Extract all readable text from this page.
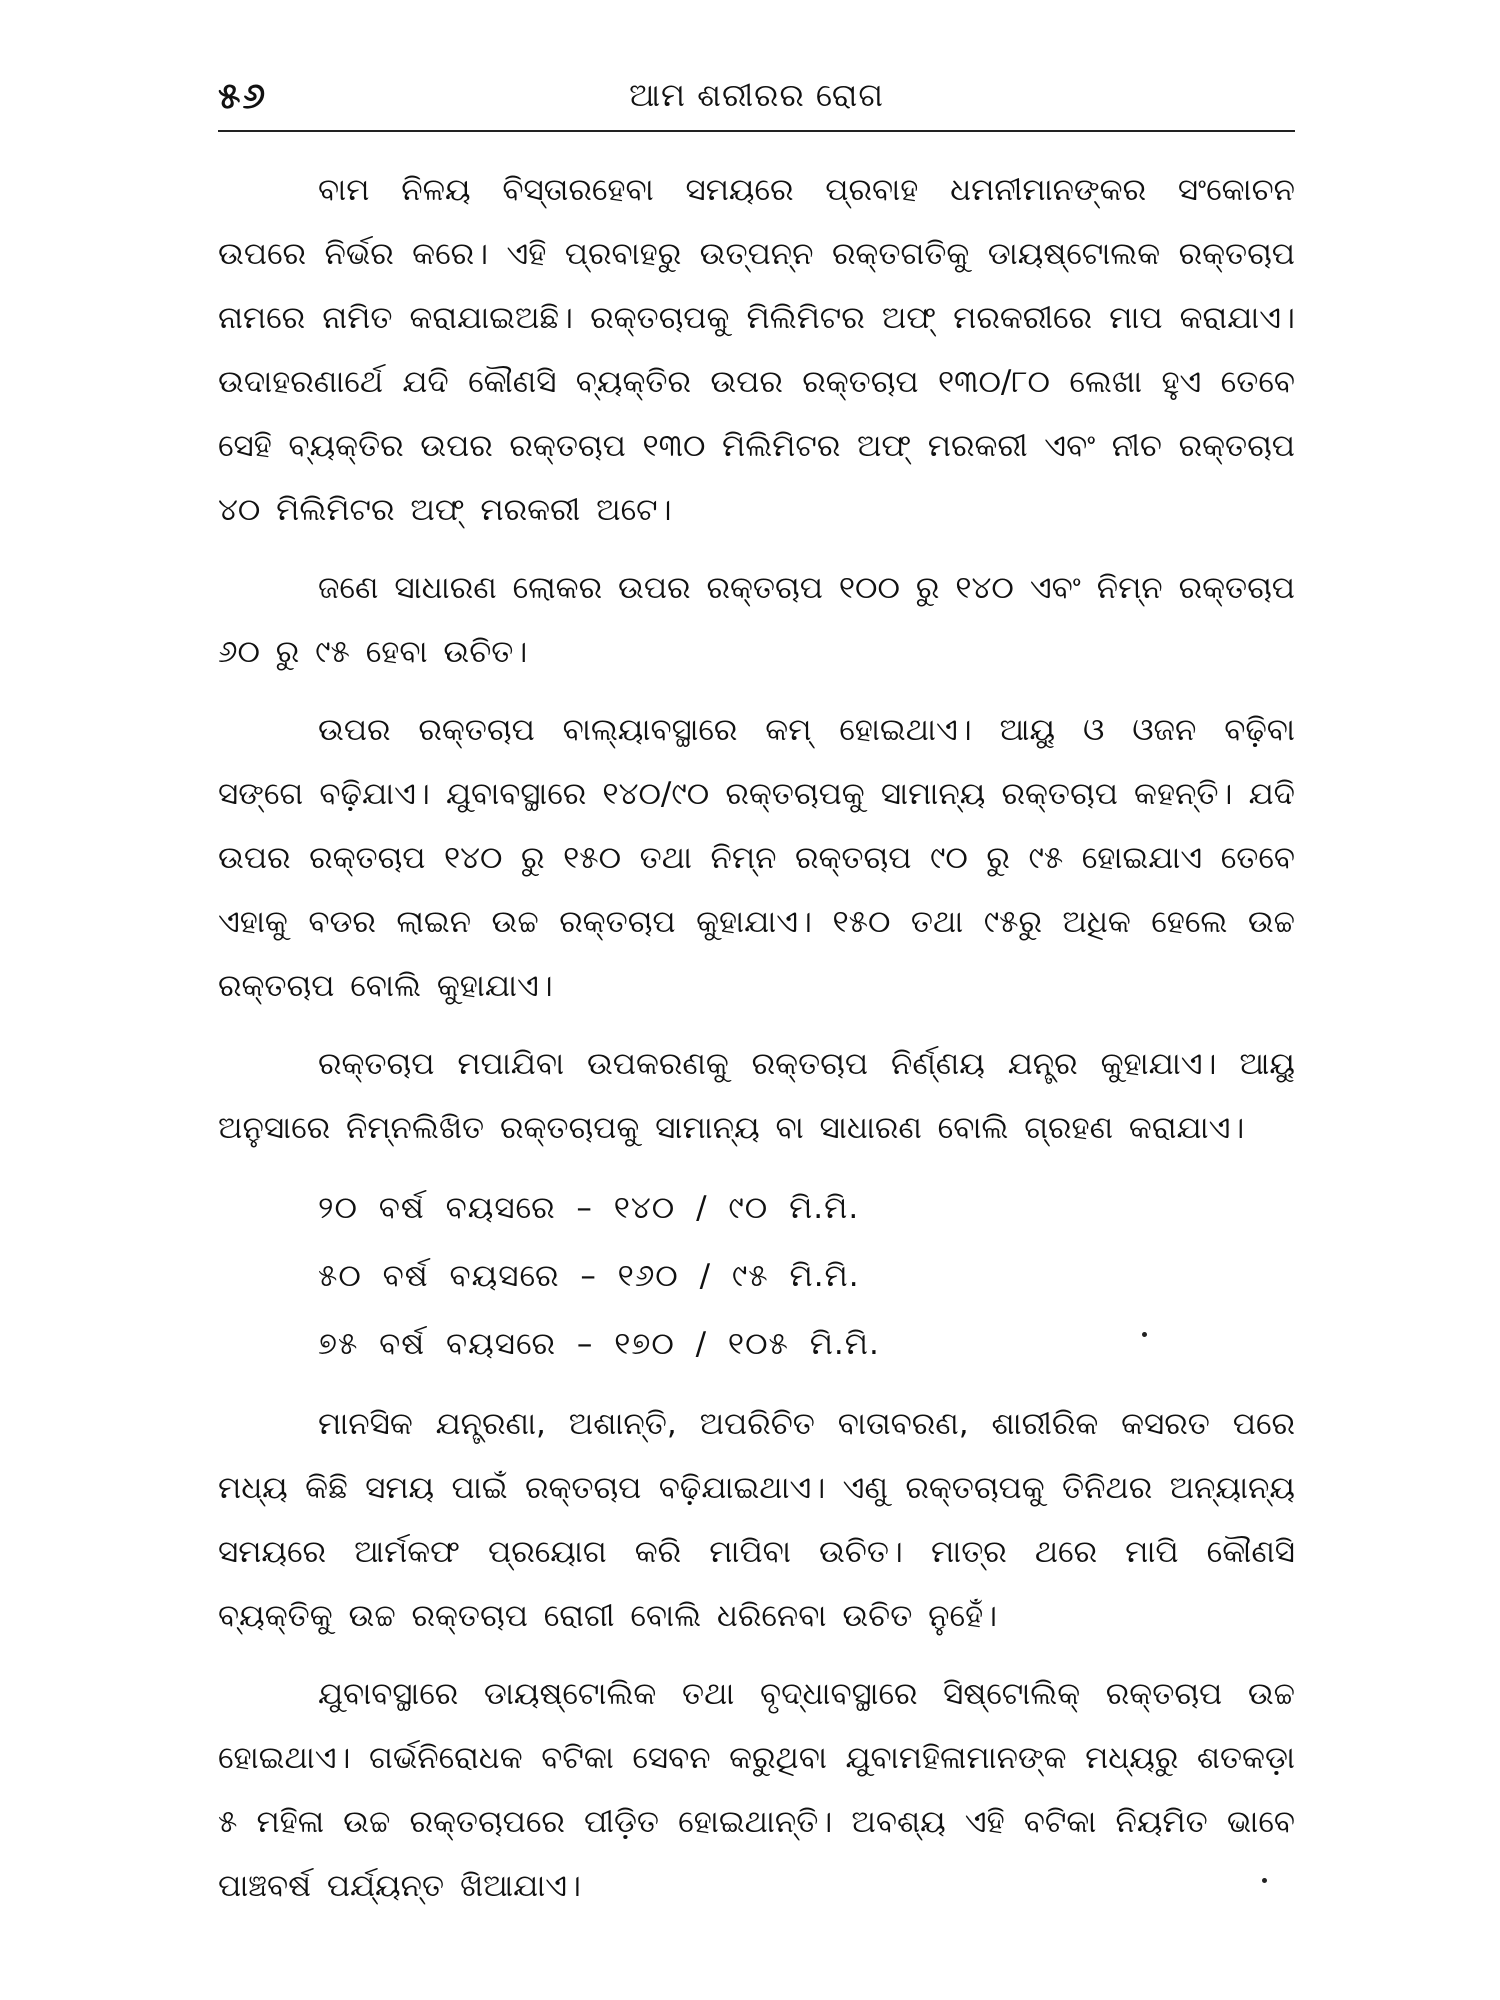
୫୬	ଆମ ଶରୀରର ରୋଗ

ବାମ ନିଳୟ ବିସ୍ତାରହେବା ସମୟରେ ପ୍ରବାହ ଧମନୀମାନଙ୍କର ସଂକୋଚନ ଉପରେ ନିର୍ଭର କରେ। ଏହି ପ୍ରବାହରୁ ଉତ୍ପନ୍ନ ରକ୍ତଗତିକୁ ଡାୟଷ୍ଟୋଲକ ରକ୍ତଚାପ ନାମରେ ନାମିତ କରାଯାଇଅଛି। ରକ୍ତଚାପକୁ ମିଲିମିଟର ଅଫ୍ ମରକରୀରେ ମାପ କରାଯାଏ। ଉଦାହରଣାର୍ଥେ ଯଦି କୌଣସି ବ୍ୟକ୍ତିର ଉପର ରକ୍ତଚାପ ୧୩୦/୮୦ ଲେଖା ହୁଏ ତେବେ ସେହି ବ୍ୟକ୍ତିର ଉପର ରକ୍ତଚାପ ୧୩୦ ମିଲିମିଟର ଅଫ୍ ମରକରୀ ଏବଂ ନୀଚ ରକ୍ତଚାପ ୪୦ ମିଲିମିଟର ଅଫ୍ ମରକରୀ ଅଟେ।

ଜଣେ ସାଧାରଣ ଲୋକର ଉପର ରକ୍ତଚାପ ୧୦୦ ରୁ ୧୪୦ ଏବଂ ନିମ୍ନ ରକ୍ତଚାପ ୬୦ ରୁ ୯୫ ହେବା ଉଚିତ।

ଉପର ରକ୍ତଚାପ ବାଲ୍ୟାବସ୍ଥାରେ କମ୍ ହୋଇଥାଏ। ଆୟୁ ଓ ଓଜନ ବଢ଼ିବା ସଙ୍ଗେ ବଢ଼ିଯାଏ। ଯୁବାବସ୍ଥାରେ ୧୪୦/୯୦ ରକ୍ତଚାପକୁ ସାମାନ୍ୟ ରକ୍ତଚାପ କହନ୍ତି। ଯଦି ଉପର ରକ୍ତଚାପ ୧୪୦ ରୁ ୧୫୦ ତଥା ନିମ୍ନ ରକ୍ତଚାପ ୯୦ ରୁ ୯୫ ହୋଇଯାଏ ତେବେ ଏହାକୁ ବଡର ଲାଇନ ଉଚ୍ଚ ରକ୍ତଚାପ କୁହାଯାଏ। ୧୫୦ ତଥା ୯୫ରୁ ଅଧିକ ହେଲେ ଉଚ୍ଚ ରକ୍ତଚାପ ବୋଲି କୁହାଯାଏ।

ରକ୍ତଚାପ ମପାଯିବା ଉପକରଣକୁ ରକ୍ତଚାପ ନିର୍ଣ୍ଣୟ ଯନ୍ତ୍ର କୁହାଯାଏ। ଆୟୁ ଅନୁସାରେ ନିମ୍ନଲିଖିତ ରକ୍ତଚାପକୁ ସାମାନ୍ୟ ବା ସାଧାରଣ ବୋଲି ଗ୍ରହଣ କରାଯାଏ।

୨୦ ବର୍ଷ ବୟସରେ – ୧୪୦ / ୯୦ ମି.ମି.
୫୦ ବର୍ଷ ବୟସରେ – ୧୬୦ / ୯୫ ମି.ମି.
୭୫ ବର୍ଷ ବୟସରେ – ୧୭୦ / ୧୦୫ ମି.ମି.

ମାନସିକ ଯନ୍ତ୍ରଣା, ଅଶାନ୍ତି, ଅପରିଚିତ ବାତାବରଣ, ଶାରୀରିକ କସରତ ପରେ ମଧ୍ୟ କିଛି ସମୟ ପାଇଁ ରକ୍ତଚାପ ବଢ଼ିଯାଇଥାଏ। ଏଣୁ ରକ୍ତଚାପକୁ ତିନିଥର ଅନ୍ୟାନ୍ୟ ସମୟରେ ଆର୍ମକଫ ପ୍ରୟୋଗ କରି ମାପିବା ଉଚିତ। ମାତ୍ର ଥରେ ମାପି କୌଣସି ବ୍ୟକ୍ତିକୁ ଉଚ୍ଚ ରକ୍ତଚାପ ରୋଗୀ ବୋଲି ଧରିନେବା ଉଚିତ ନୁହେଁ।

ଯୁବାବସ୍ଥାରେ ଡାୟଷ୍ଟୋଲିକ ତଥା ବୃଦ୍ଧାବସ୍ଥାରେ ସିଷ୍ଟୋଲିକ୍ ରକ୍ତଚାପ ଉଚ୍ଚ ହୋଇଥାଏ। ଗର୍ଭନିରୋଧକ ବଟିକା ସେବନ କରୁଥିବା ଯୁବାମହିଳାମାନଙ୍କ ମଧ୍ୟରୁ ଶତକଡ଼ା ୫ ମହିଳା ଉଚ୍ଚ ରକ୍ତଚାପରେ ପୀଡ଼ିତ ହୋଇଥାନ୍ତି। ଅବଶ୍ୟ ଏହି ବଟିକା ନିୟମିତ ଭାବେ ପାଞ୍ଚବର୍ଷ ପର୍ଯ୍ୟନ୍ତ ଖିଆଯାଏ।
